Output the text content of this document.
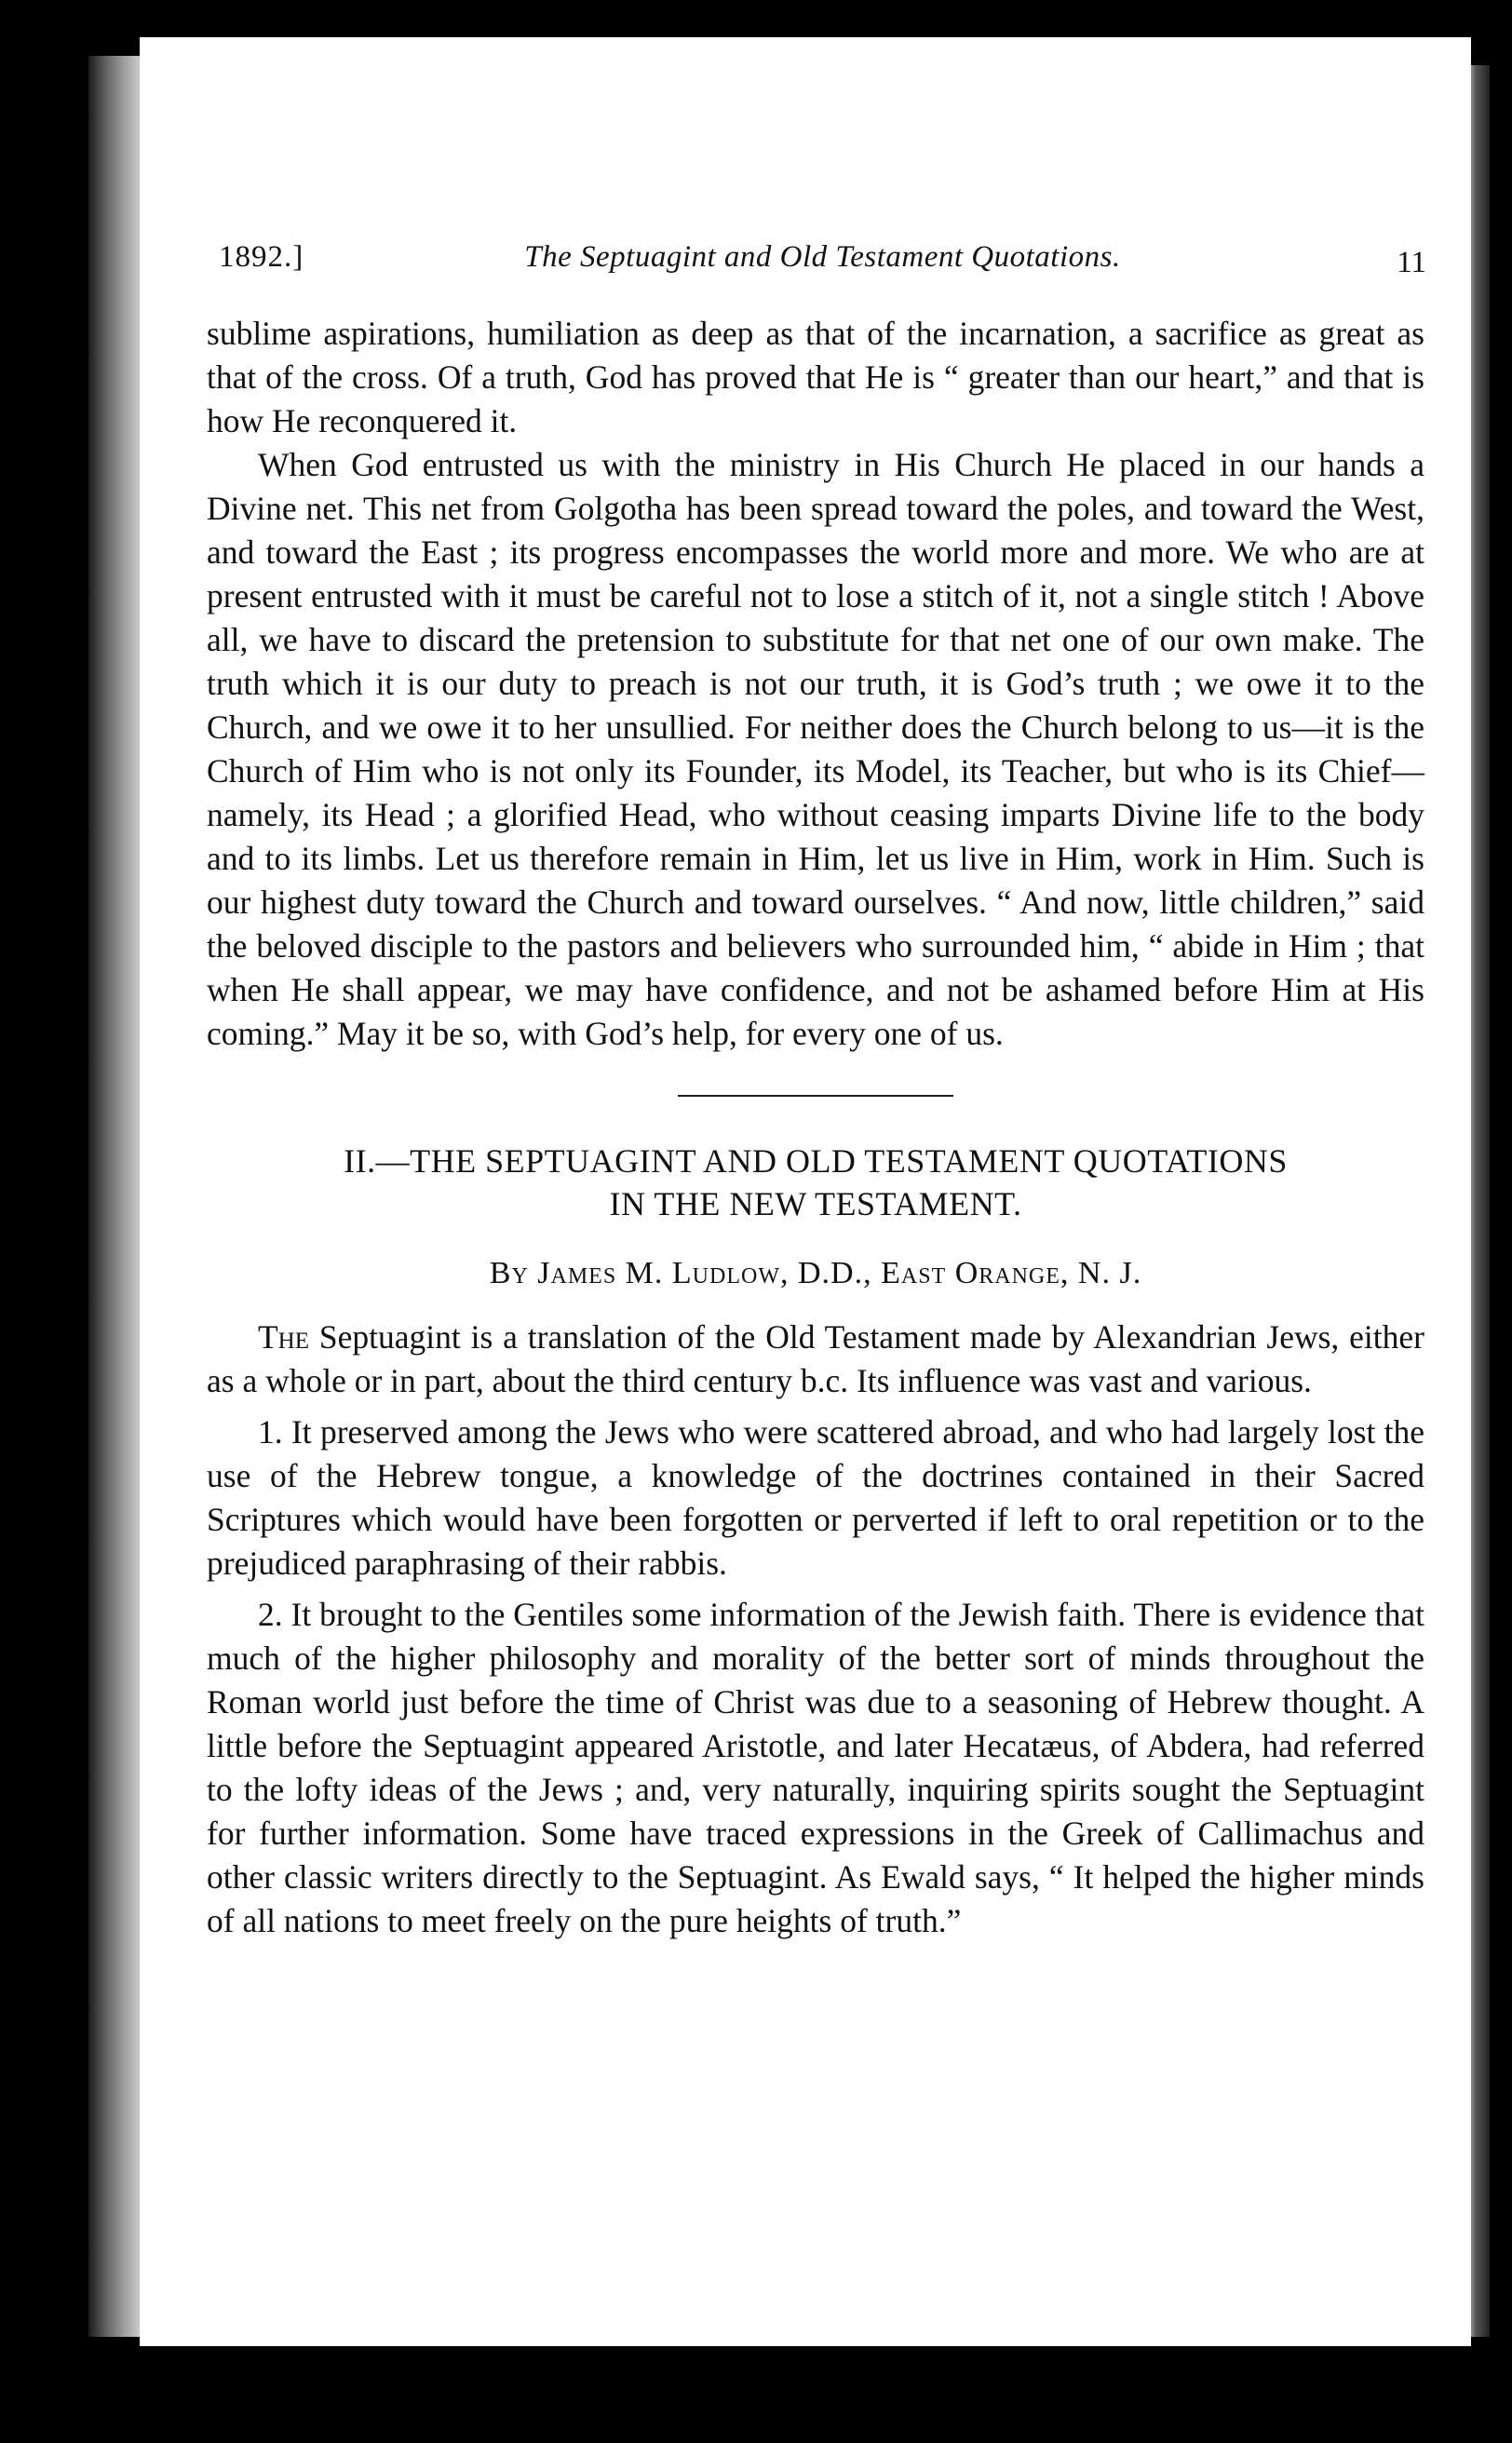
1892.]	The Septuagint and Old Testament Quotations.	11

sublime aspirations, humiliation as deep as that of the incarnation, a sacrifice as great as that of the cross. Of a truth, God has proved that He is “ greater than our heart,” and that is how He reconquered it.

When God entrusted us with the ministry in His Church He placed in our hands a Divine net. This net from Golgotha has been spread toward the poles, and toward the West, and toward the East ; its progress encompasses the world more and more. We who are at present entrusted with it must be careful not to lose a stitch of it, not a single stitch ! Above all, we have to discard the pretension to substitute for that net one of our own make. The truth which it is our duty to preach is not our truth, it is God’s truth ; we owe it to the Church, and we owe it to her unsullied. For neither does the Church belong to us—it is the Church of Him who is not only its Founder, its Model, its Teacher, but who is its Chief—namely, its Head ; a glorified Head, who without ceasing imparts Divine life to the body and to its limbs. Let us therefore remain in Him, let us live in Him, work in Him. Such is our highest duty toward the Church and toward ourselves. “ And now, little children,” said the beloved disciple to the pastors and believers who surrounded him, “ abide in Him ; that when He shall appear, we may have confidence, and not be ashamed before Him at His coming.” May it be so, with God’s help, for every one of us.

II.—THE SEPTUAGINT AND OLD TESTAMENT QUOTATIONS
IN THE NEW TESTAMENT.
By James M. Ludlow, D.D., East Orange, N. J.

The Septuagint is a translation of the Old Testament made by Alexandrian Jews, either as a whole or in part, about the third century b.c. Its influence was vast and various.

1. It preserved among the Jews who were scattered abroad, and who had largely lost the use of the Hebrew tongue, a knowledge of the doctrines contained in their Sacred Scriptures which would have been forgotten or perverted if left to oral repetition or to the prejudiced paraphrasing of their rabbis.

2. It brought to the Gentiles some information of the Jewish faith. There is evidence that much of the higher philosophy and morality of the better sort of minds throughout the Roman world just before the time of Christ was due to a seasoning of Hebrew thought. A little before the Septuagint appeared Aristotle, and later Hecatæus, of Abdera, had referred to the lofty ideas of the Jews ; and, very naturally, inquiring spirits sought the Septuagint for further information. Some have traced expressions in the Greek of Callimachus and other classic writers directly to the Septuagint. As Ewald says, “ It helped the higher minds of all nations to meet freely on the pure heights of truth.”
